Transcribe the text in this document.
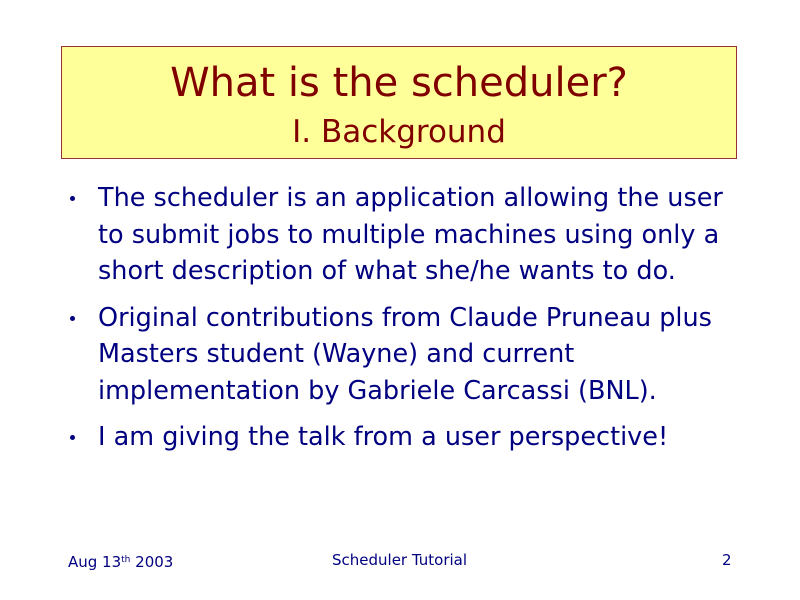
What is the scheduler?
I. Background
The scheduler is an application allowing the user to submit jobs to multiple machines using only a short description of what she/he wants to do.
Original contributions from Claude Pruneau plus Masters student (Wayne) and current implementation by Gabriele Carcassi (BNL).
I am giving the talk from a user perspective!
Aug 13th 2003	Scheduler Tutorial	2
